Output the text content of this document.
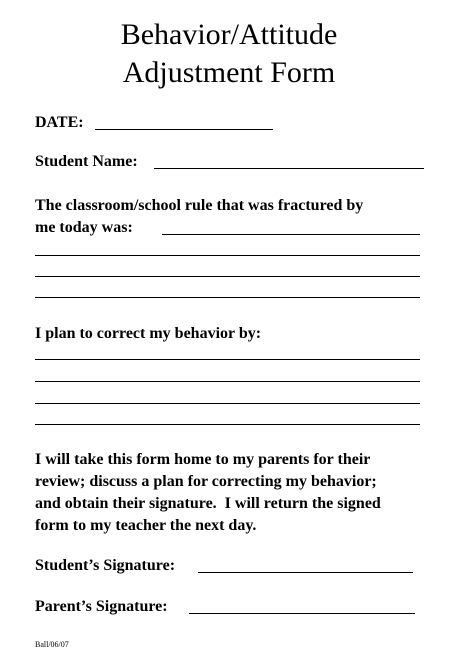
Behavior/Attitude
Adjustment Form
DATE:
Student Name:
The classroom/school rule that was fractured by
me today was:
I plan to correct my behavior by:
I will take this form home to my parents for their
review; discuss a plan for correcting my behavior;
and obtain their signature.  I will return the signed
form to my teacher the next day.
Student’s Signature:
Parent’s Signature:
Ball/06/07
